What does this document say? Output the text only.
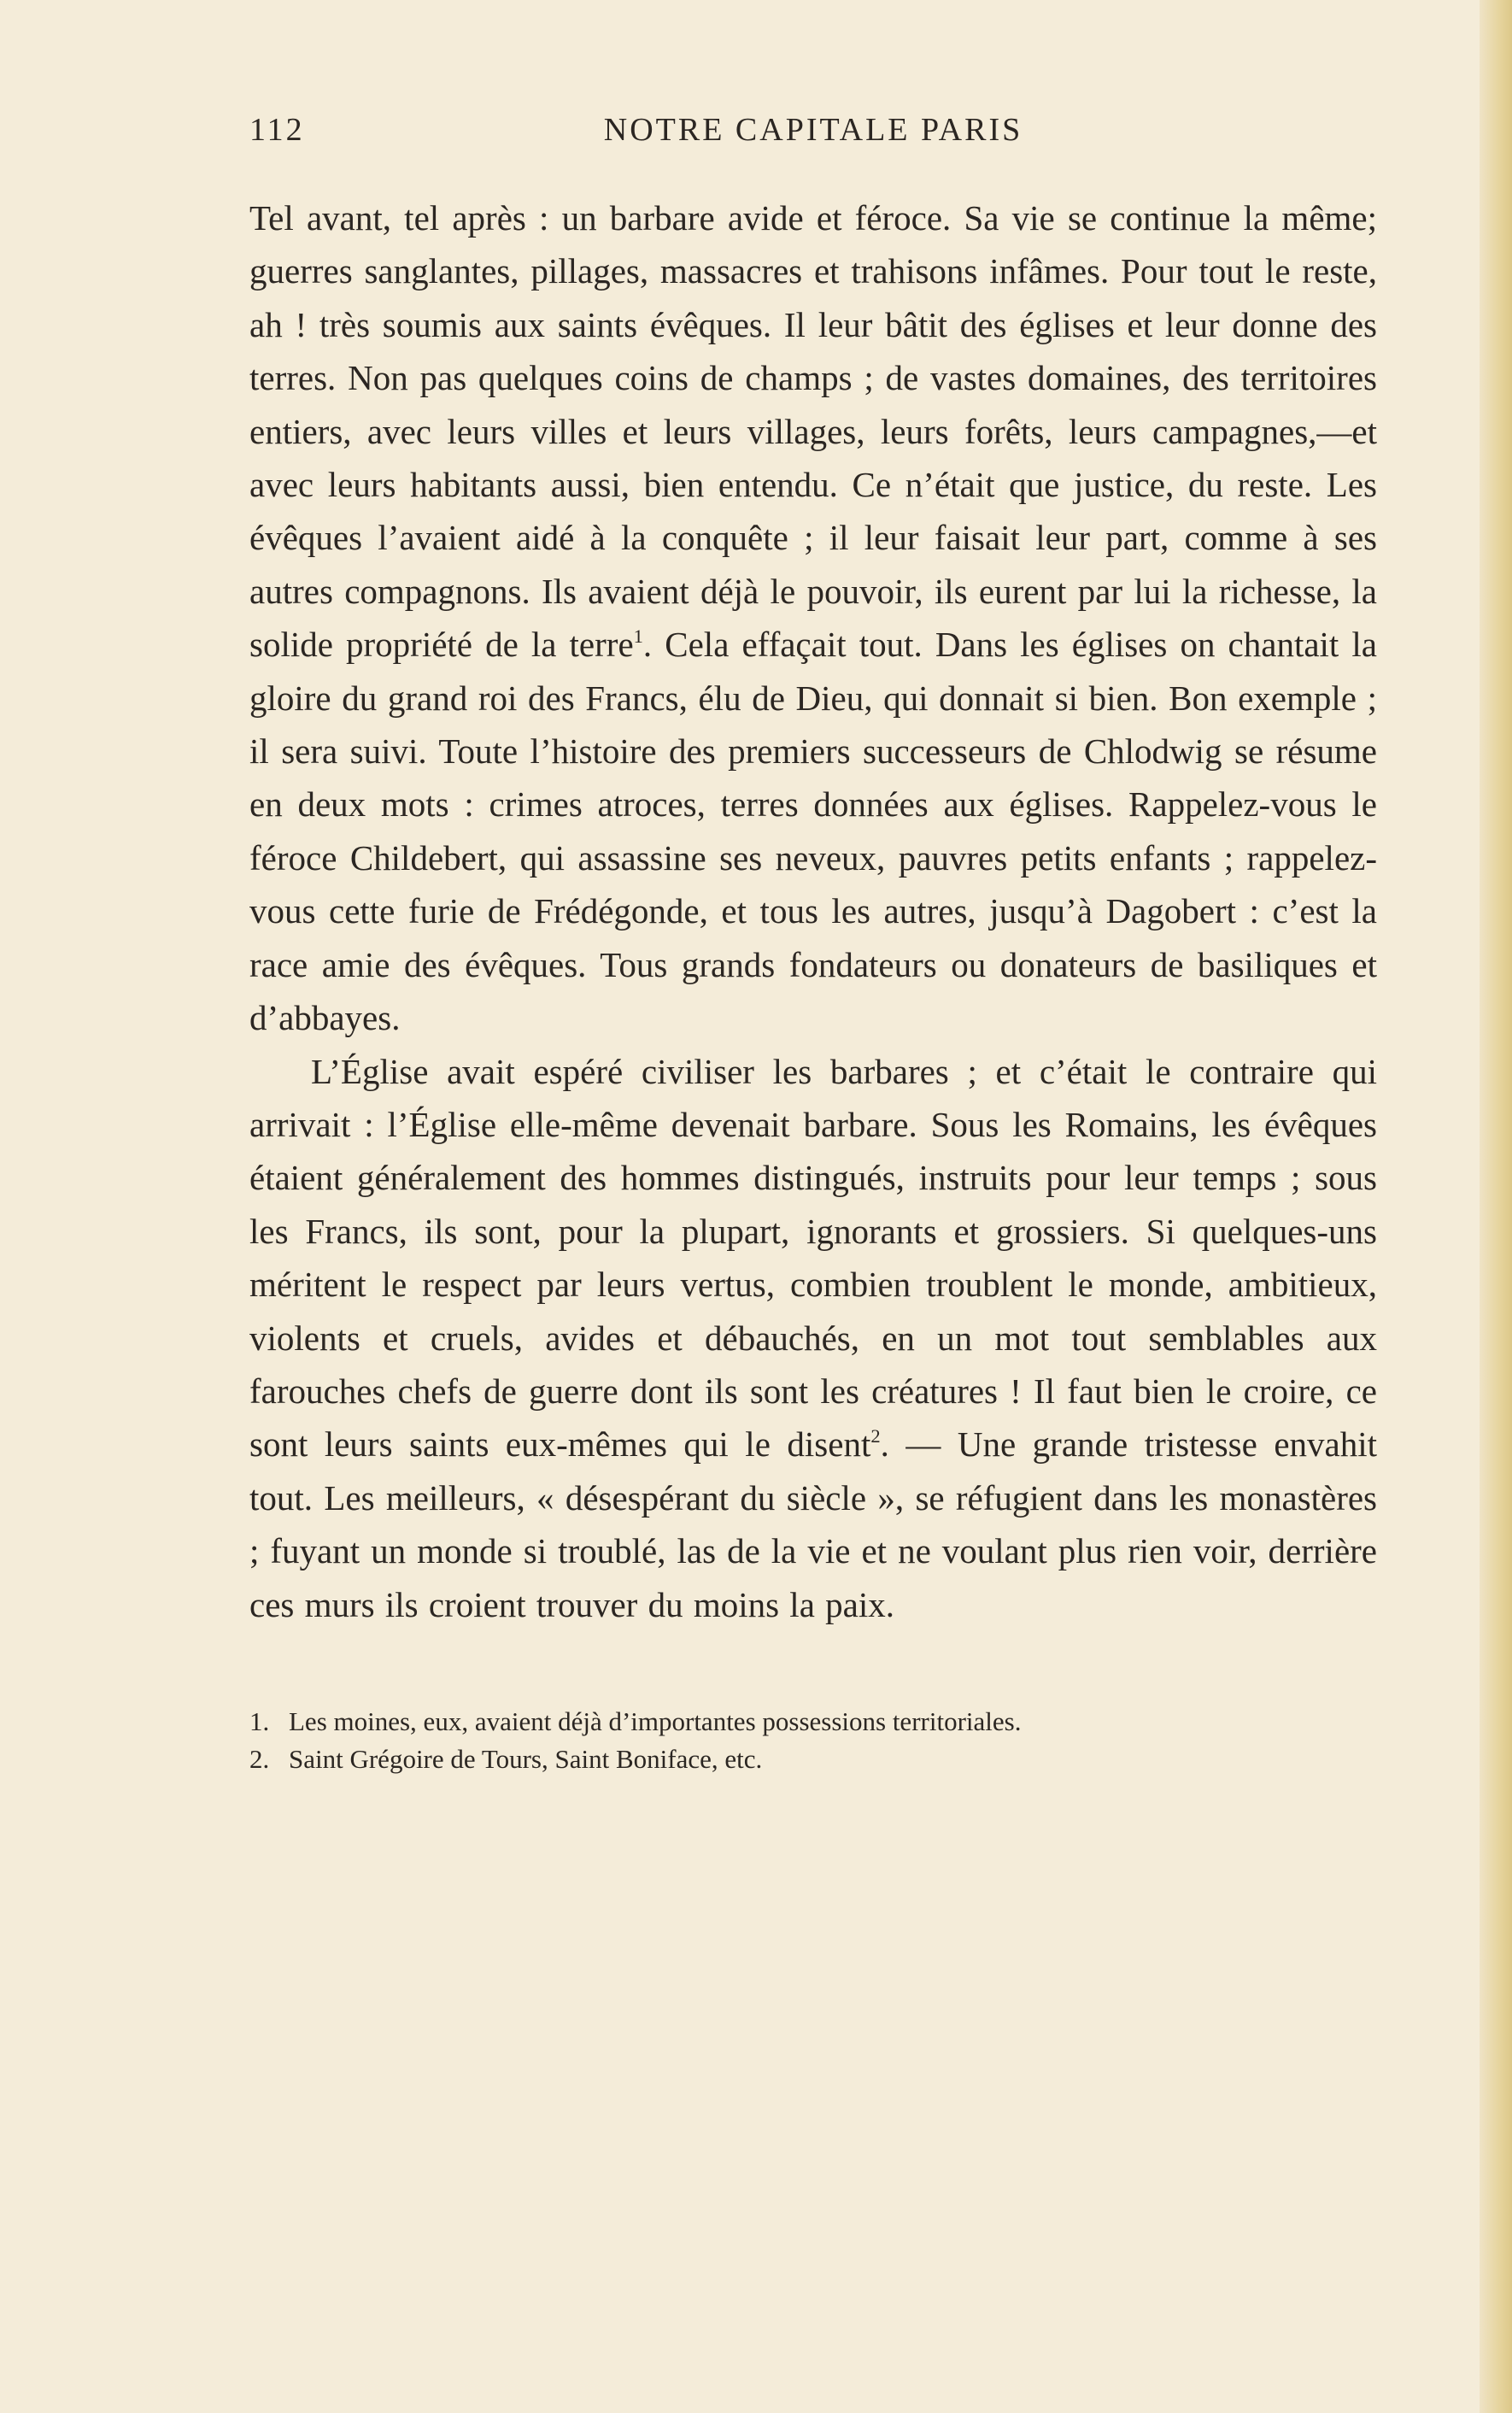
112	NOTRE CAPITALE PARIS

Tel avant, tel après : un barbare avide et féroce. Sa vie se continue la même; guerres sanglantes, pillages, massacres et trahisons infâmes. Pour tout le reste, ah ! très soumis aux saints évêques. Il leur bâtit des églises et leur donne des terres. Non pas quelques coins de champs ; de vastes domaines, des territoires entiers, avec leurs villes et leurs villages, leurs forêts, leurs campagnes,—et avec leurs habitants aussi, bien entendu. Ce n’était que justice, du reste. Les évêques l’avaient aidé à la conquête ; il leur faisait leur part, comme à ses autres compagnons. Ils avaient déjà le pouvoir, ils eurent par lui la richesse, la solide propriété de la terre$^1$. Cela effaçait tout. Dans les églises on chantait la gloire du grand roi des Francs, élu de Dieu, qui donnait si bien. Bon exemple ; il sera suivi. Toute l’histoire des premiers successeurs de Chlodwig se résume en deux mots : crimes atroces, terres données aux églises. Rappelez-vous le féroce Childebert, qui assassine ses neveux, pauvres petits enfants ; rappelez-vous cette furie de Frédégonde, et tous les autres, jusqu’à Dagobert : c’est la race amie des évêques. Tous grands fondateurs ou donateurs de basiliques et d’abbayes.

L’Église avait espéré civiliser les barbares ; et c’était le contraire qui arrivait : l’Église elle-même devenait barbare. Sous les Romains, les évêques étaient généralement des hommes distingués, instruits pour leur temps ; sous les Francs, ils sont, pour la plupart, ignorants et grossiers. Si quelques-uns méritent le respect par leurs vertus, combien troublent le monde, ambitieux, violents et cruels, avides et débauchés, en un mot tout semblables aux farouches chefs de guerre dont ils sont les créatures ! Il faut bien le croire, ce sont leurs saints eux-mêmes qui le disent$^2$. — Une grande tristesse envahit tout. Les meilleurs, « désespérant du siècle », se réfugient dans les monastères ; fuyant un monde si troublé, las de la vie et ne voulant plus rien voir, derrière ces murs ils croient trouver du moins la paix.

1. Les moines, eux, avaient déjà d’importantes possessions territoriales.

2. Saint Grégoire de Tours, Saint Boniface, etc.
